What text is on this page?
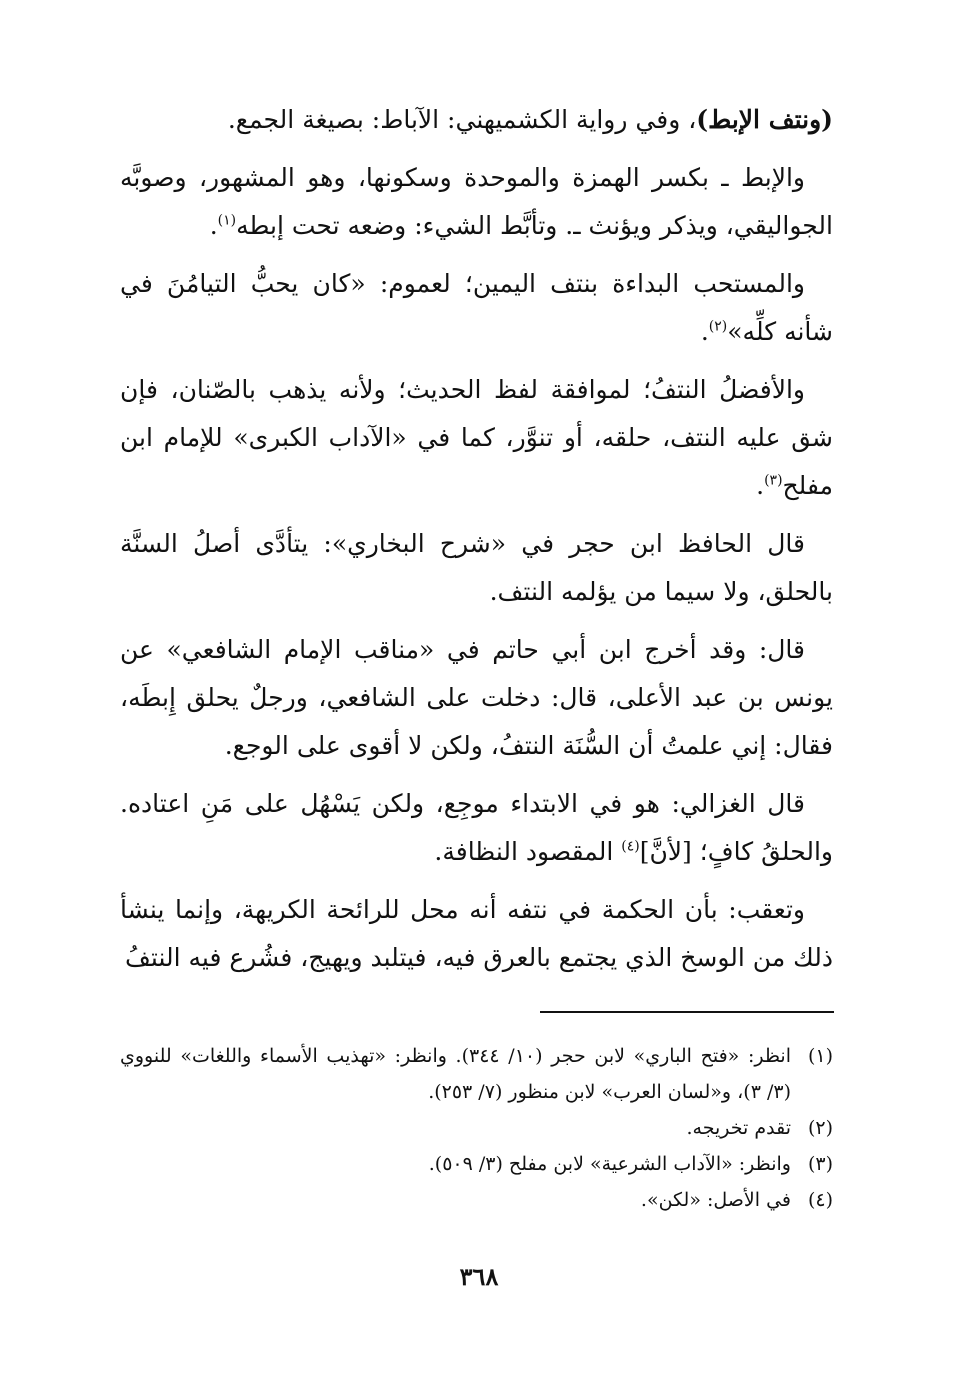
(ونتف الإبط)، وفي رواية الكشميهني: الآباط: بصيغة الجمع.

والإبط ـ بكسر الهمزة والموحدة وسكونها، وهو المشهور، وصوبَّه الجواليقي، ويذكر ويؤنث ـ. وتأبَّط الشيء: وضعه تحت إبطه$^{(١)}$.

والمستحب البداءة بنتف اليمين؛ لعموم: «كان يحبُّ التيامُنَ في شأنه كلِّه»$^{(٢)}$.

والأفضلُ النتفُ؛ لموافقة لفظ الحديث؛ ولأنه يذهب بالصّنان، فإن شق عليه النتف، حلقه، أو تنوَّر، كما في «الآداب الكبرى» للإمام ابن مفلح$^{(٣)}$.

قال الحافظ ابن حجر في «شرح البخاري»: يتأدَّى أصلُ السنَّة بالحلق، ولا سيما من يؤلمه النتف.

قال: وقد أخرج ابن أبي حاتم في «مناقب الإمام الشافعي» عن يونس بن عبد الأعلى، قال: دخلت على الشافعي، ورجلٌ يحلق إِبطَه، فقال: إني علمتُ أن السُّنَة النتفُ، ولكن لا أقوى على الوجع.

قال الغزالي: هو في الابتداء موجِع، ولكن يَسْهُل على مَنِ اعتاده. والحلقُ كافٍ؛ [لأنَّ]$^{(٤)}$ المقصود النظافة.

وتعقب: بأن الحكمة في نتفه أنه محل للرائحة الكريهة، وإنما ينشأ ذلك من الوسخ الذي يجتمع بالعرق فيه، فيتلبد ويهيج، فشُرع فيه النتفُ

(١)
انظر: «فتح الباري» لابن حجر (١٠/ ٣٤٤). وانظر: «تهذيب الأسماء واللغات» للنووي (٣/ ٣)، و«لسان العرب» لابن منظور (٧/ ٢٥٣).
(٢)
تقدم تخريجه.
(٣)
وانظر: «الآداب الشرعية» لابن مفلح (٣/ ٥٠٩).
(٤)
في الأصل: «لكن».
٣٦٨
